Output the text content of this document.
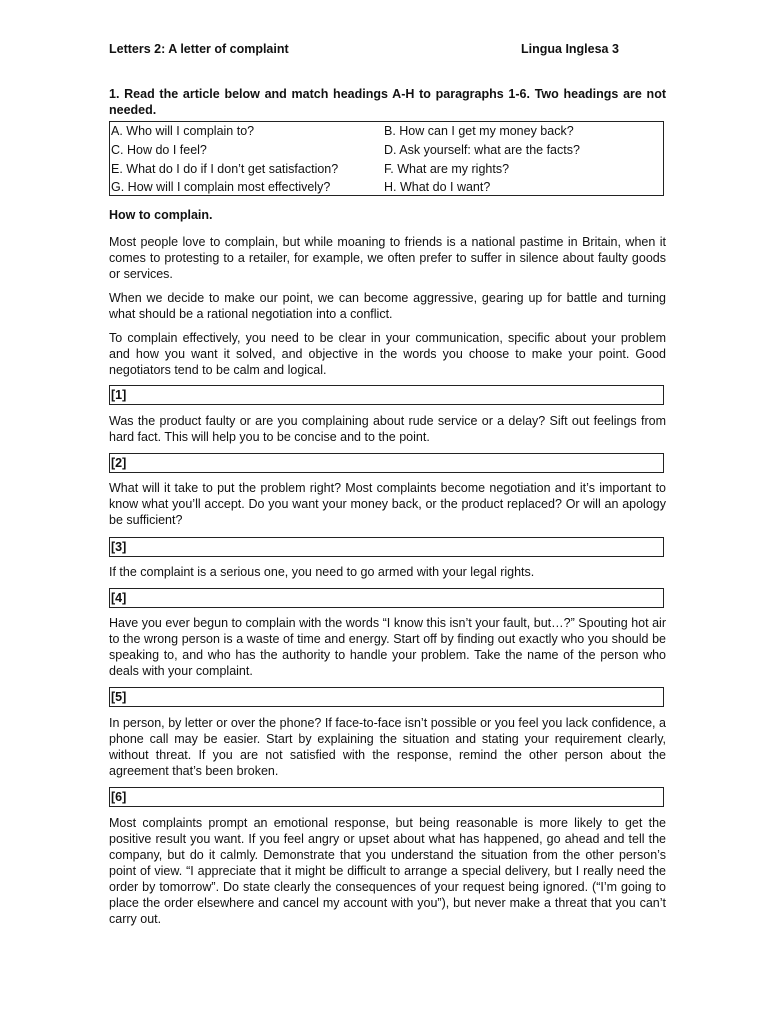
Letters 2: A letter of complaint	Lingua Inglesa 3
1. Read the article below and match headings A-H to paragraphs 1-6. Two headings are not needed.
A. Who will I complain to?	B. How can I get my money back?
C. How do I feel?	D. Ask yourself: what are the facts?
E. What do I do if I don’t get satisfaction?	F. What are my rights?
G. How will I complain most effectively?	H. What do I want?

How to complain.

Most people love to complain, but while moaning to friends is a national pastime in Britain, when it comes to protesting to a retailer, for example, we often prefer to suffer in silence about faulty goods or services.

When we decide to make our point, we can become aggressive, gearing up for battle and turning what should be a rational negotiation into a conflict.

To complain effectively, you need to be clear in your communication, specific about your problem and how you want it solved, and objective in the words you choose to make your point. Good negotiators tend to be calm and logical.

[1]

Was the product faulty or are you complaining about rude service or a delay? Sift out feelings from hard fact. This will help you to be concise and to the point.

[2]

What will it take to put the problem right? Most complaints become negotiation and it’s important to know what you’ll accept. Do you want your money back, or the product replaced? Or will an apology be sufficient?

[3]

If the complaint is a serious one, you need to go armed with your legal rights.

[4]

Have you ever begun to complain with the words “I know this isn’t your fault, but…?” Spouting hot air to the wrong person is a waste of time and energy. Start off by finding out exactly who you should be speaking to, and who has the authority to handle your problem. Take the name of the person who deals with your complaint.

[5]

In person, by letter or over the phone? If face-to-face isn’t possible or you feel you lack confidence, a phone call may be easier. Start by explaining the situation and stating your requirement clearly, without threat. If you are not satisfied with the response, remind the other person about the agreement that’s been broken.

[6]

Most complaints prompt an emotional response, but being reasonable is more likely to get the positive result you want. If you feel angry or upset about what has happened, go ahead and tell the company, but do it calmly. Demonstrate that you understand the situation from the other person’s point of view. “I appreciate that it might be difficult to arrange a special delivery, but I really need the order by tomorrow”. Do state clearly the consequences of your request being ignored. (“I’m going to place the order elsewhere and cancel my account with you”), but never make a threat that you can’t carry out.
